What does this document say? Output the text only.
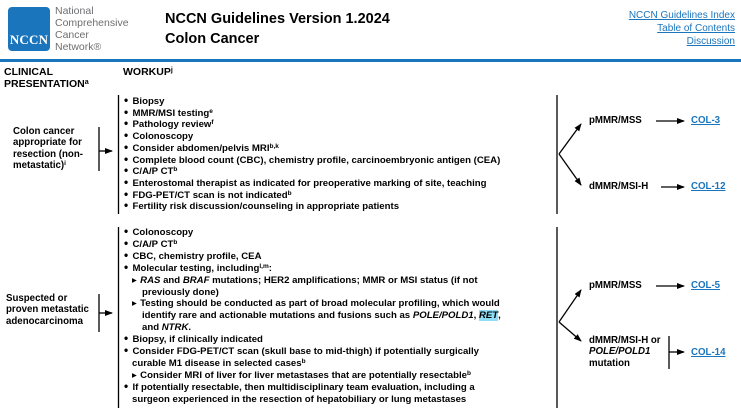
NCCN
National
Comprehensive
Cancer
Network®
NCCN Guidelines Version 1.2024
Colon Cancer
NCCN Guidelines Index
Table of Contents
Discussion
CLINICAL
PRESENTATION$^a$
WORKUP$^j$
Colon cancer
appropriate for
resection (non-
metastatic)$^i$
Suspected or
proven metastatic
adenocarcinoma
• Biopsy
• MMR/MSI testing$^e$
• Pathology review$^f$
• Colonoscopy
• Consider abdomen/pelvis MRI$^{b,k}$
• Complete blood count (CBC), chemistry profile, carcinoembryonic antigen (CEA)
• C/A/P $CT^b$
• Enterostomal therapist as indicated for preoperative marking of site, teaching
• FDG-PET/CT scan is not indicated$^b$
• Fertility risk discussion/counseling in appropriate patients
• Colonoscopy
• C/A/P $CT^b$
• CBC, chemistry profile, CEA
• Molecular testing, including$^{l,m}$:
▸ RAS and BRAF mutations; HER2 amplifications; MMR or MSI status (if not
previously done)
▸ Testing should be conducted as part of broad molecular profiling, which would
identify rare and actionable mutations and fusions such as POLE/POLD1, RET,
and NTRK.
• Biopsy, if clinically indicated
• Consider FDG-PET/CT scan (skull base to mid-thigh) if potentially surgically
curable M1 disease in selected cases$^b$
▸ Consider MRI of liver for liver metastases that are potentially resectable$^b$
• If potentially resectable, then multidisciplinary team evaluation, including a
surgeon experienced in the resection of hepatobiliary or lung metastases
pMMR/MSS	COL-3
dMMR/MSI-H	COL-12
pMMR/MSS	COL-5
dMMR/MSI-H or
POLE/POLD1
mutation
COL-14
